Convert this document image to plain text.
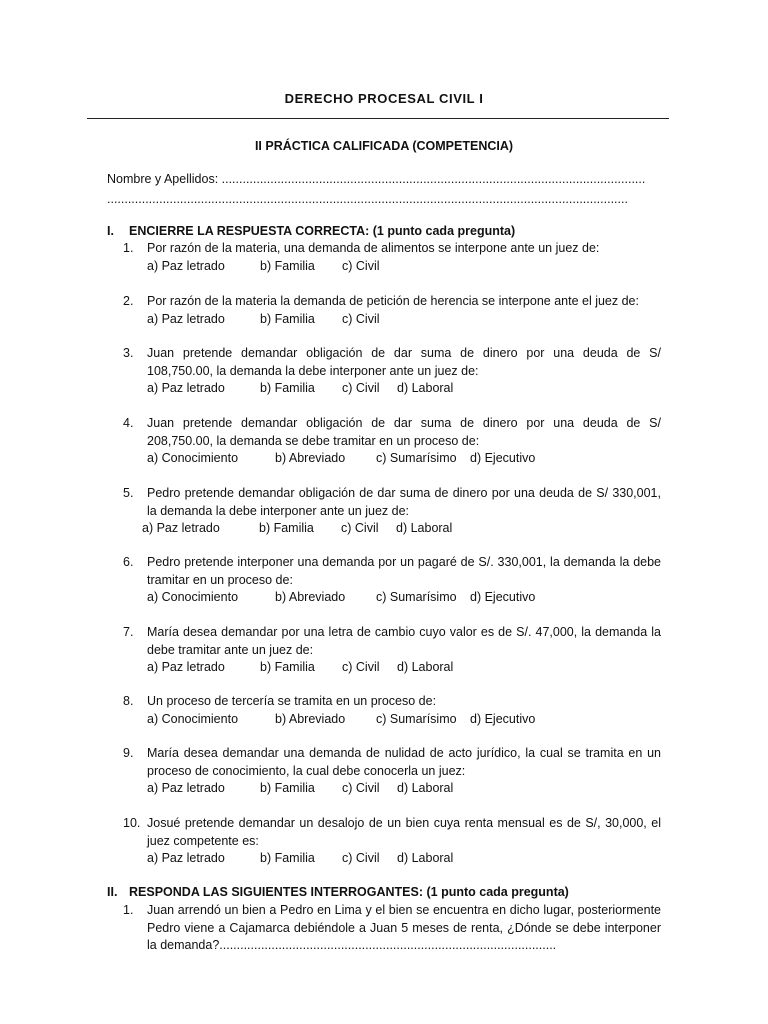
DERECHO PROCESAL CIVIL I
II PRÁCTICA CALIFICADA (COMPETENCIA)
Nombre y Apellidos: ..........................................................................................................................
......................................................................................................................................................
I. ENCIERRE LA RESPUESTA CORRECTA: (1 punto cada pregunta)
1. Por razón de la materia, una demanda de alimentos se interpone ante un juez de:
a) Paz letrado	b) Familia c) Civil
2. Por razón de la materia la demanda de petición de herencia se interpone ante el juez de:
a) Paz letrado	b) Familia c) Civil
3. Juan pretende demandar obligación de dar suma de dinero por una deuda de S/ 108,750.00, la demanda la debe interponer ante un juez de:
a) Paz letrado	b) Familia c) Civil d) Laboral
4. Juan pretende demandar obligación de dar suma de dinero por una deuda de S/ 208,750.00, la demanda se debe tramitar en un proceso de:
a) Conocimiento	b) Abreviado c) Sumarísimo d) Ejecutivo
5. Pedro pretende demandar obligación de dar suma de dinero por una deuda de S/ 330,001, la demanda la debe interponer ante un juez de:
a) Paz letrado	b) Familia c) Civil d) Laboral
6. Pedro pretende interponer una demanda por un pagaré de S/. 330,001, la demanda la debe tramitar en un proceso de:
a) Conocimiento	b) Abreviado c) Sumarísimo d) Ejecutivo
7. María desea demandar por una letra de cambio cuyo valor es de S/. 47,000, la demanda la debe tramitar ante un juez de:
a) Paz letrado	b) Familia c) Civil d) Laboral
8. Un proceso de tercería se tramita en un proceso de:
a) Conocimiento	b) Abreviado c) Sumarísimo d) Ejecutivo
9. María desea demandar una demanda de nulidad de acto jurídico, la cual se tramita en un proceso de conocimiento, la cual debe conocerla un juez:
a) Paz letrado	b) Familia c) Civil d) Laboral
10. Josué pretende demandar un desalojo de un bien cuya renta mensual es de S/, 30,000, el juez competente es:
a) Paz letrado	b) Familia c) Civil d) Laboral
II. RESPONDA LAS SIGUIENTES INTERROGANTES: (1 punto cada pregunta)
1. Juan arrendó un bien a Pedro en Lima y el bien se encuentra en dicho lugar, posteriormente Pedro viene a Cajamarca debiéndole a Juan 5 meses de renta, ¿Dónde se debe interponer la demanda?.................................................................................................
